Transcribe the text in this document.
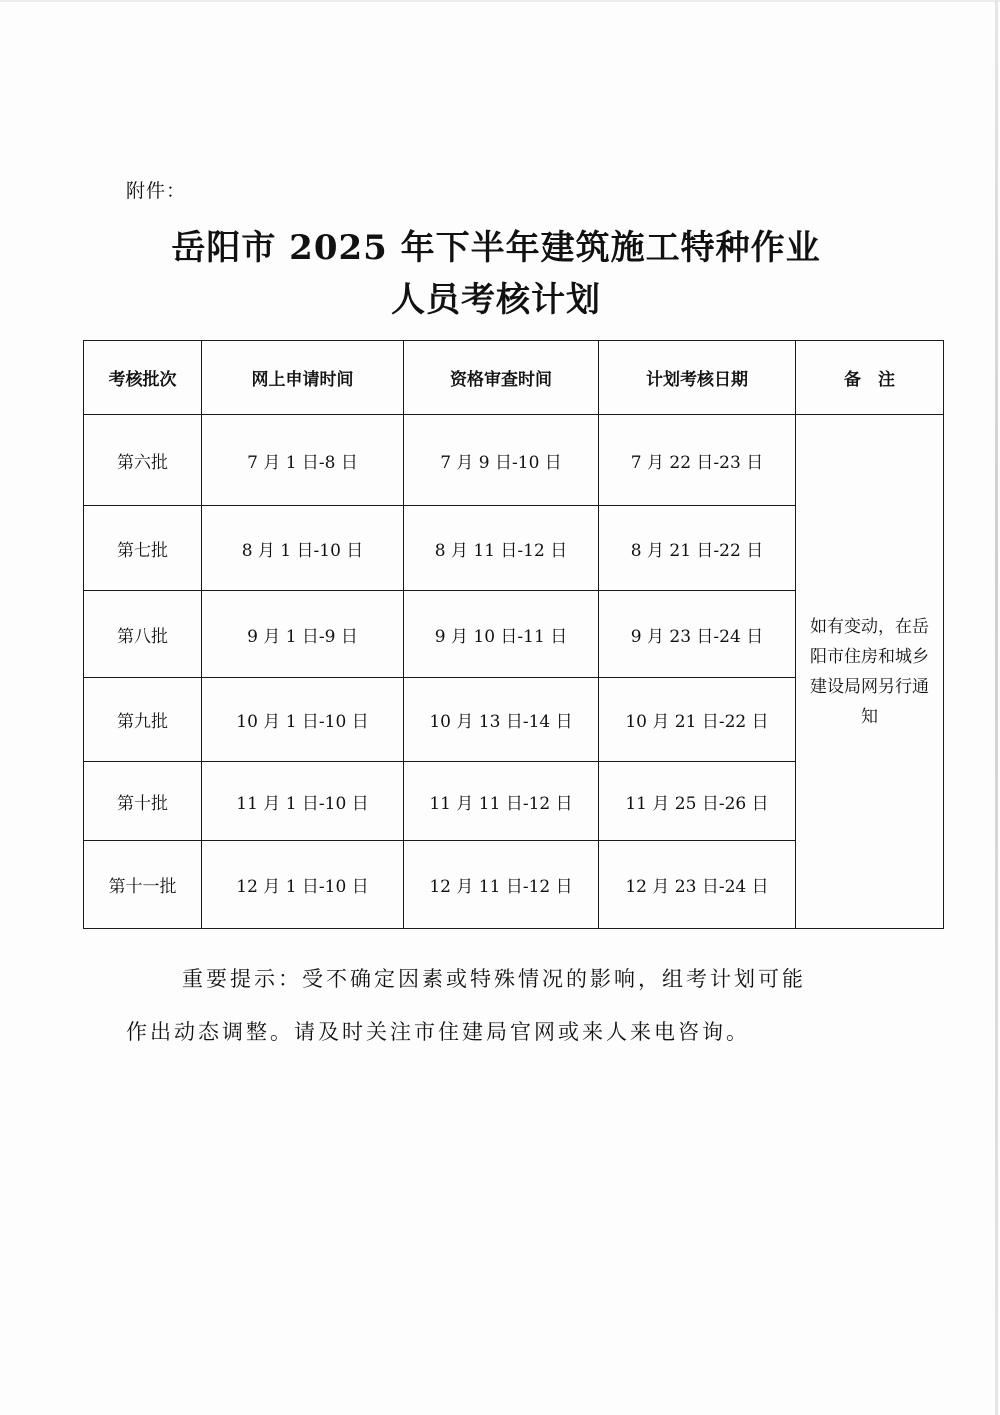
附件：
岳阳市 2025 年下半年建筑施工特种作业
人员考核计划
考核批次	网上申请时间	资格审查时间	计划考核日期	备　注
第六批	7 月 1 日-8 日	7 月 9 日-10 日	7 月 22 日-23 日	如有变动，在岳阳市住房和城乡建设局网另行通知
第七批	8 月 1 日-10 日	8 月 11 日-12 日	8 月 21 日-22 日	
第八批	9 月 1 日-9 日	9 月 10 日-11 日	9 月 23 日-24 日	
第九批	10 月 1 日-10 日	10 月 13 日-14 日	10 月 21 日-22 日	
第十批	11 月 1 日-10 日	11 月 11 日-12 日	11 月 25 日-26 日	
第十一批	12 月 1 日-10 日	12 月 11 日-12 日	12 月 23 日-24 日	
重要提示：受不确定因素或特殊情况的影响，组考计划可能
作出动态调整。请及时关注市住建局官网或来人来电咨询。
